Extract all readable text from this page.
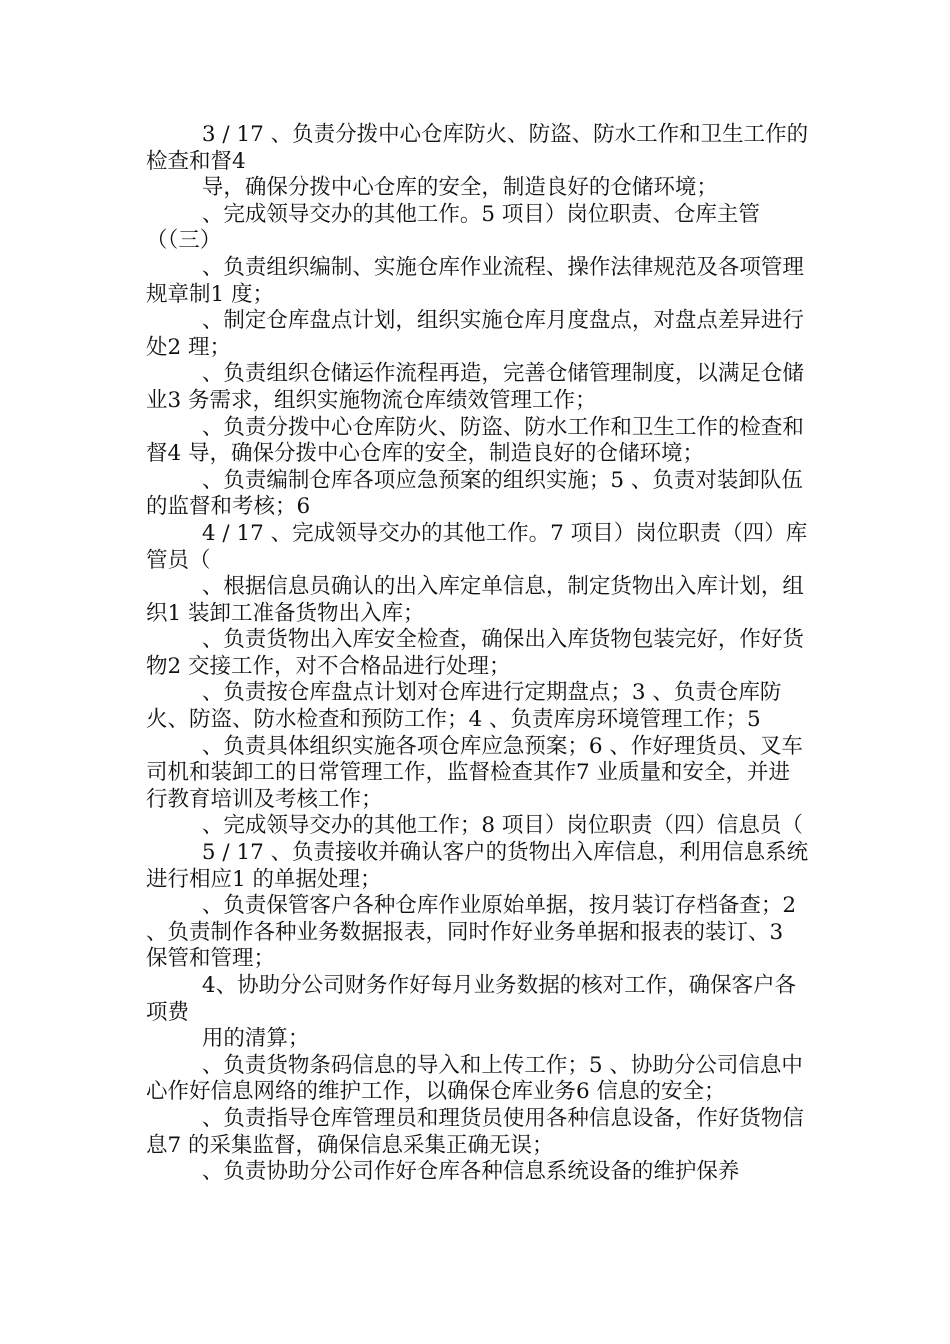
3 / 17 、负责分拨中心仓库防火、防盗、防水工作和卫生工作的检查和督4

导，确保分拨中心仓库的安全，制造良好的仓储环境；

、完成领导交办的其他工作。5 项目）岗位职责、仓库主管（（三）

、负责组织编制、实施仓库作业流程、操作法律规范及各项管理规章制1 度；

、制定仓库盘点计划，组织实施仓库月度盘点，对盘点差异进行处2 理；

、负责组织仓储运作流程再造，完善仓储管理制度，以满足仓储业3 务需求，组织实施物流仓库绩效管理工作；

、负责分拨中心仓库防火、防盗、防水工作和卫生工作的检查和督4 导，确保分拨中心仓库的安全，制造良好的仓储环境；

、负责编制仓库各项应急预案的组织实施；5 、负责对装卸队伍的监督和考核；6

4 / 17 、完成领导交办的其他工作。7 项目）岗位职责（四）库管员（

、根据信息员确认的出入库定单信息，制定货物出入库计划，组织1 装卸工准备货物出入库；

、负责货物出入库安全检查，确保出入库货物包装完好，作好货物2 交接工作，对不合格品进行处理；

、负责按仓库盘点计划对仓库进行定期盘点；3 、负责仓库防火、防盗、防水检查和预防工作；4 、负责库房环境管理工作；5

、负责具体组织实施各项仓库应急预案；6 、作好理货员、叉车司机和装卸工的日常管理工作，监督检查其作7 业质量和安全，并进行教育培训及考核工作；

、完成领导交办的其他工作；8 项目）岗位职责（四）信息员（

5 / 17 、负责接收并确认客户的货物出入库信息，利用信息系统进行相应1 的单据处理；

、负责保管客户各种仓库作业原始单据，按月装订存档备查；2 、负责制作各种业务数据报表，同时作好业务单据和报表的装订、3 保管和管理；

4、协助分公司财务作好每月业务数据的核对工作，确保客户各项费

用的清算；

、负责货物条码信息的导入和上传工作；5 、协助分公司信息中心作好信息网络的维护工作，以确保仓库业务6 信息的安全；

、负责指导仓库管理员和理货员使用各种信息设备，作好货物信息7 的采集监督，确保信息采集正确无误；

、负责协助分公司作好仓库各种信息系统设备的维护保养
